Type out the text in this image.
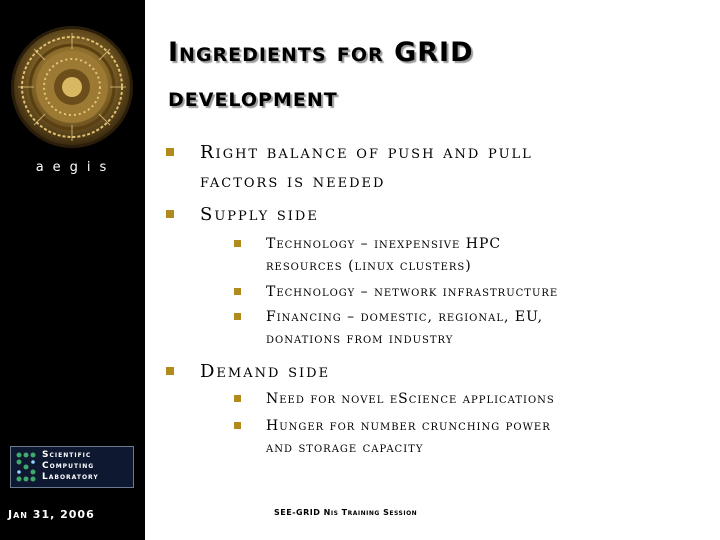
aegis
Scientific
Computing
Laboratory
Jan 31, 2006
Ingredients for GRID
development
Right balance of push and pull
factors is needed
Supply side
Technology – inexpensive HPC
resources (linux clusters)
Technology – network infrastructure
Financing – domestic, regional, EU,
donations from industry
Demand side
Need for novel eScience applications
Hunger for number crunching power
and storage capacity
SEE-GRID Nis Training Session
